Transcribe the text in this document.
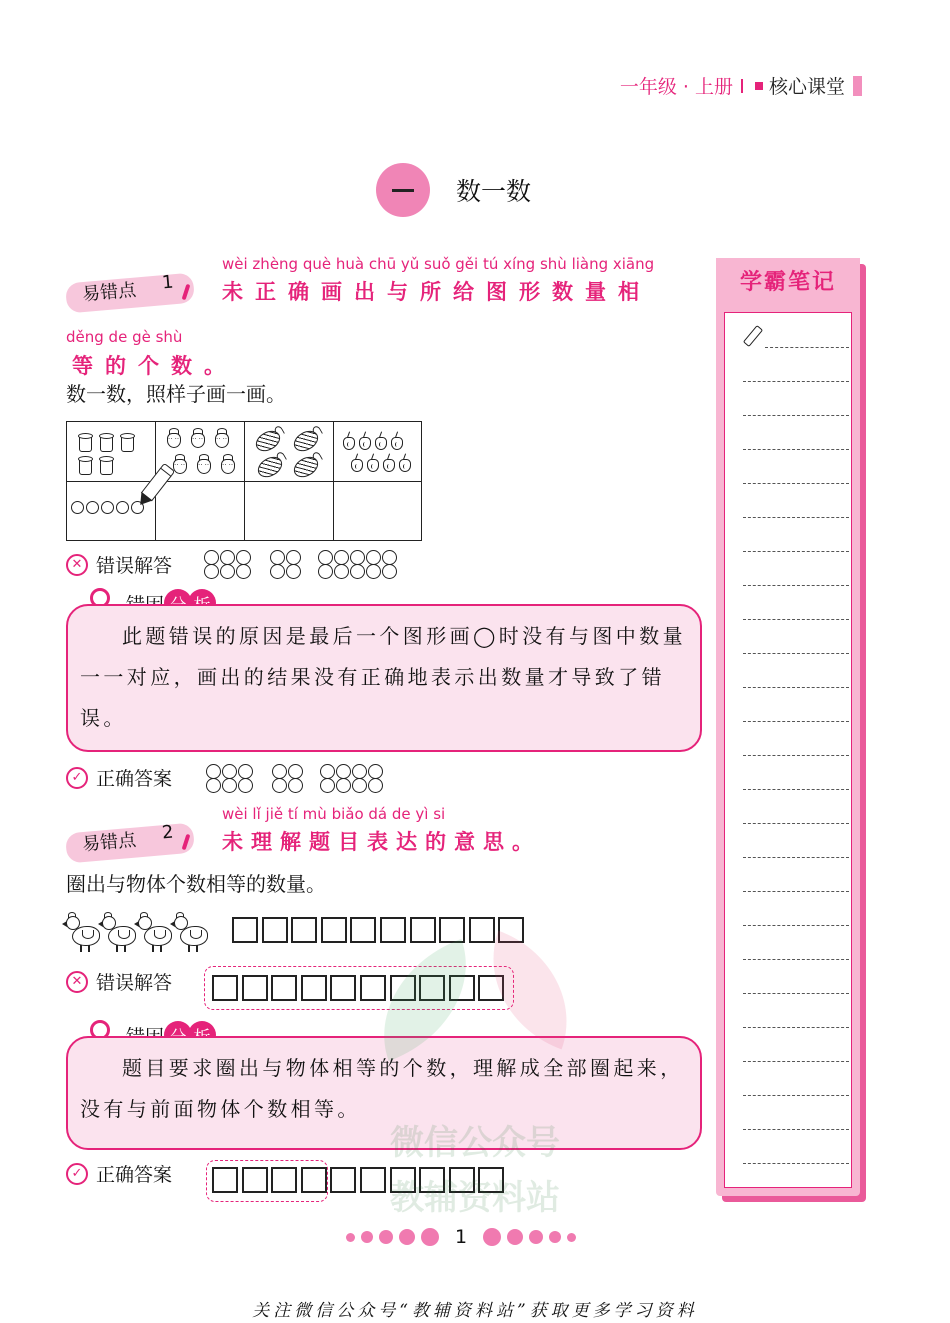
一年级 · 上册 核心课堂
数一数
易错点 1
wèi zhèng què huà chū yǔ suǒ gěi tú xíng shù liàng xiāng
未正确画出与所给图形数量相
děng de gè shù
等的个数。
数一数，照样子画一画。
·· ··
·· ··
·· ··
·· ··
·· ··
·· ··
✕ 错误解答

此题错误的原因是最后一个图形画◯时没有与图中数量一一对应，画出的结果没有正确地表示出数量才导致了错误。

✓ 正确答案
易错点 2
wèi lǐ jiě tí mù biǎo dá de yì si
未理解题目表达的意思。
圈出与物体个数相等的数量。
✕ 错误解答

题目要求圈出与物体相等的个数，理解成全部圈起来，没有与前面物体个数相等。

✓ 正确答案
学霸笔记
教辅资料站
1
关注微信公众号“教辅资料站”获取更多学习资料
